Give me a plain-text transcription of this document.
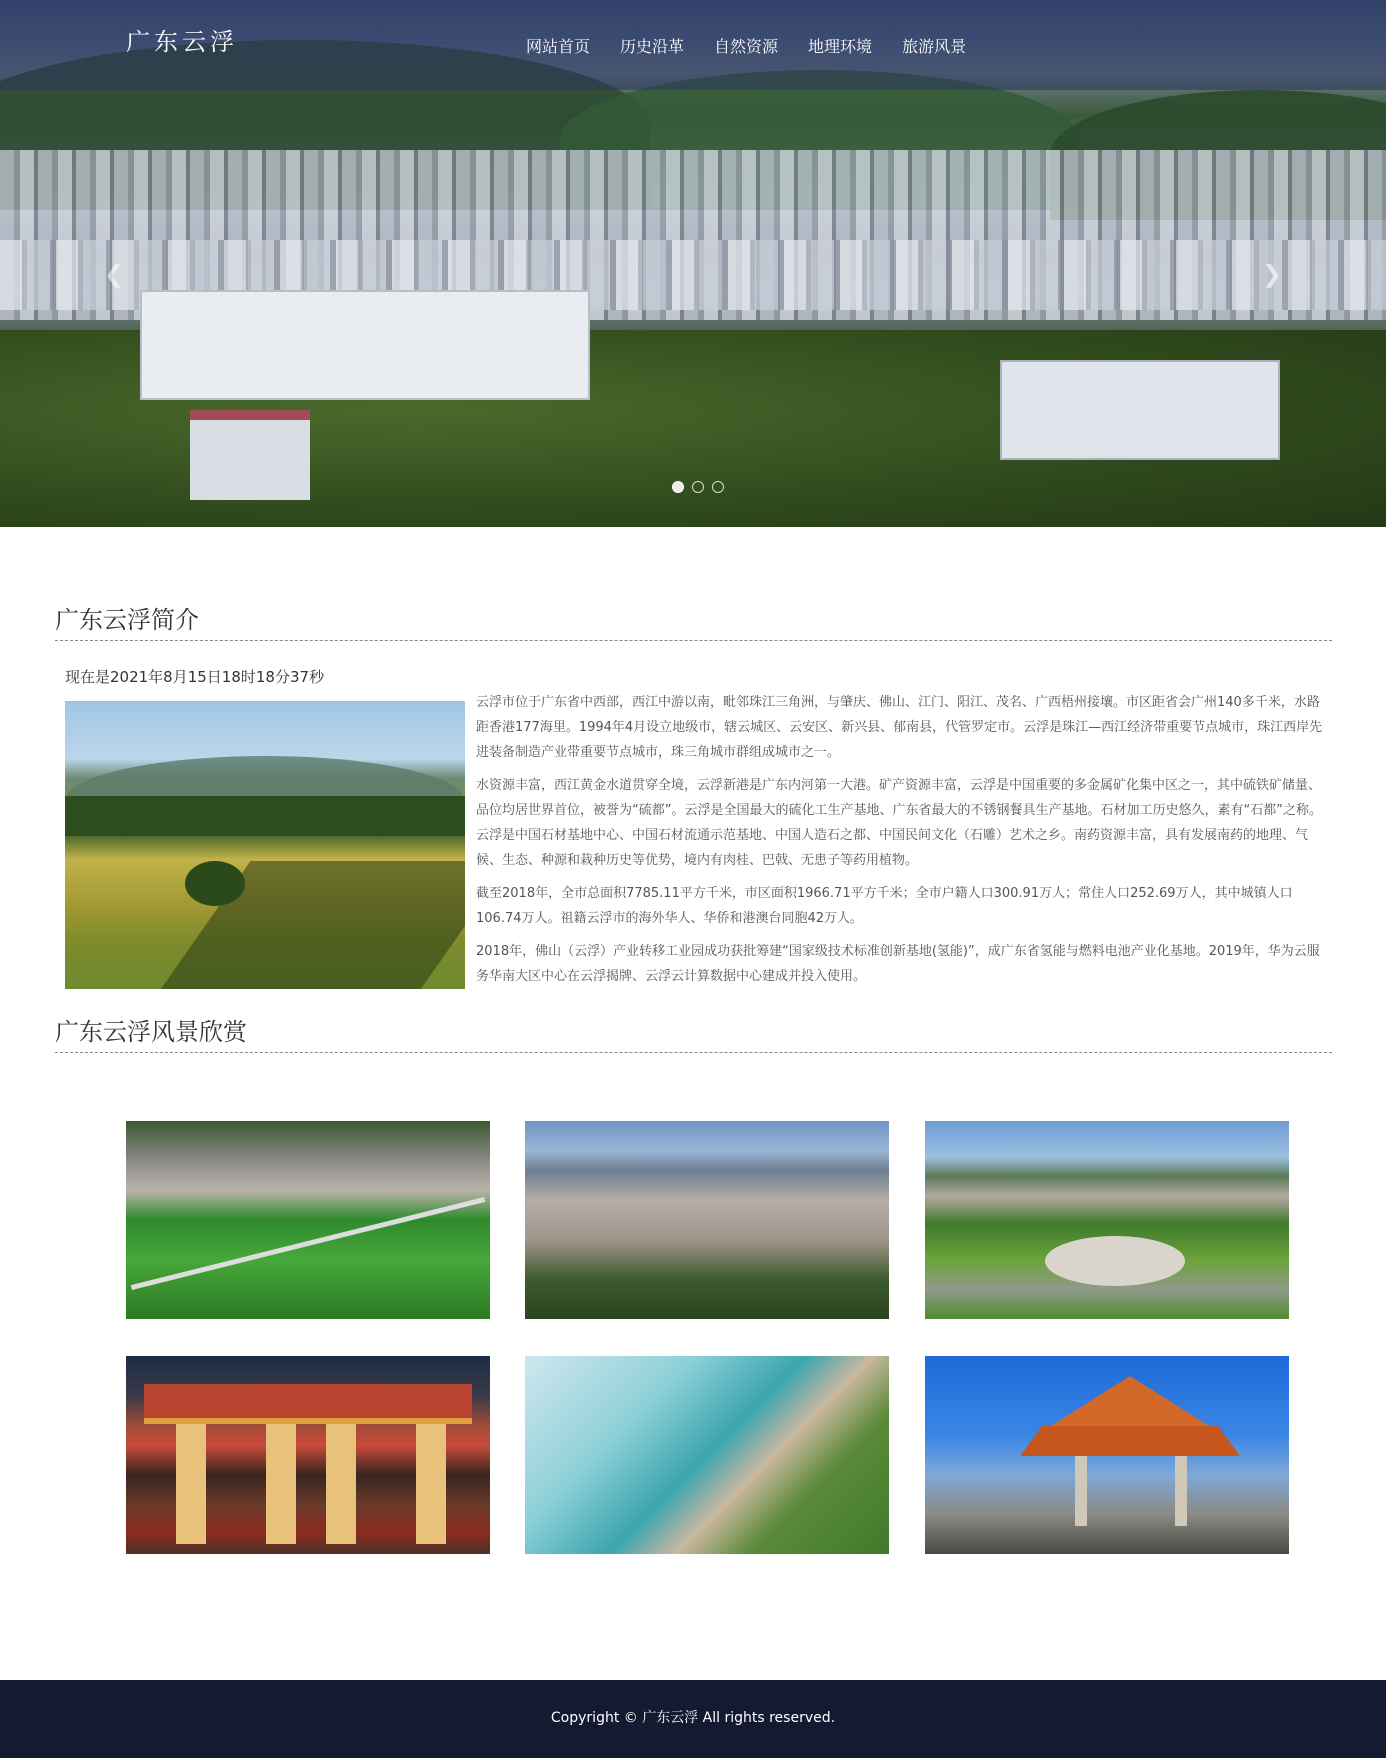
广东云浮	网站首页	历史沿革	自然资源	地理环境	旅游风景
❮	❯
广东云浮简介
现在是2021年8月15日18时18分37秒

云浮市位于广东省中西部，西江中游以南，毗邻珠江三角洲，与肇庆、佛山、江门、阳江、茂名、广西梧州接壤。市区距省会广州140多千米，水路距香港177海里。1994年4月设立地级市，辖云城区、云安区、新兴县、郁南县，代管罗定市。云浮是珠江—西江经济带重要节点城市，珠江西岸先进装备制造产业带重要节点城市，珠三角城市群组成城市之一。

水资源丰富，西江黄金水道贯穿全境，云浮新港是广东内河第一大港。矿产资源丰富，云浮是中国重要的多金属矿化集中区之一，其中硫铁矿储量、品位均居世界首位，被誉为“硫都”。云浮是全国最大的硫化工生产基地、广东省最大的不锈钢餐具生产基地。石材加工历史悠久，素有“石都”之称。云浮是中国石材基地中心、中国石材流通示范基地、中国人造石之都、中国民间文化（石雕）艺术之乡。南药资源丰富，具有发展南药的地理、气候、生态、种源和栽种历史等优势，境内有肉桂、巴戟、无患子等药用植物。

截至2018年，全市总面积7785.11平方千米，市区面积1966.71平方千米；全市户籍人口300.91万人；常住人口252.69万人，其中城镇人口106.74万人。祖籍云浮市的海外华人、华侨和港澳台同胞42万人。

2018年，佛山（云浮）产业转移工业园成功获批筹建“国家级技术标准创新基地(氢能)”，成广东省氢能与燃料电池产业化基地。2019年，华为云服务华南大区中心在云浮揭牌、云浮云计算数据中心建成并投入使用。

广东云浮风景欣赏
Copyright © 广东云浮 All rights reserved.
